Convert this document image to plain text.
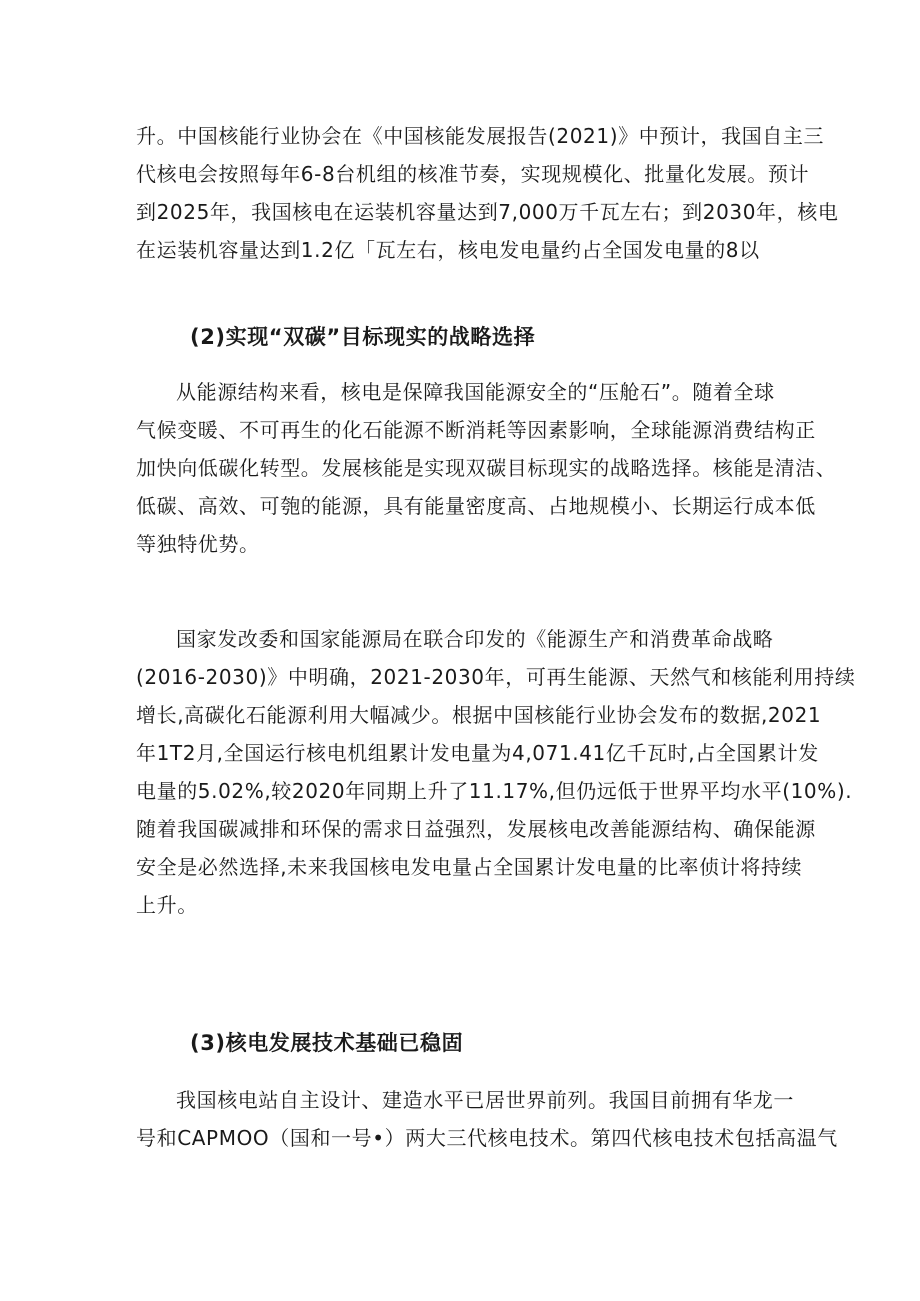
升。中国核能行业协会在《中国核能发展报告(2021)》中预计，我国自主三
代核电会按照每年6-8台机组的核准节奏，实现规模化、批量化发展。预计
到2025年，我国核电在运装机容量达到7,000万千瓦左右；到2030年，核电
在运装机容量达到1.2亿「瓦左右，核电发电量约占全国发电量的8以

(2)实现“双碳”目标现实的战略选择

从能源结构来看，核电是保障我国能源安全的“压舱石”。随着全球
气候变暖、不可再生的化石能源不断消耗等因素影响，全球能源消费结构正
加快向低碳化转型。发展核能是实现双碳目标现实的战略选择。核能是清洁、
低碳、高效、可匏的能源，具有能量密度高、占地规模小、长期运行成本低
等独特优势。

国家发改委和国家能源局在联合印发的《能源生产和消费革命战略
(2016-2030)》中明确，2021-2030年，可再生能源、天然气和核能利用持续
增长,高碳化石能源利用大幅减少。根据中国核能行业协会发布的数据,2021
年1T2月,全国运行核电机组累计发电量为4,071.41亿千瓦时,占全国累计发
电量的5.02%,较2020年同期上升了11.17%,但仍远低于世界平均水平(10%).
随着我国碳减排和环保的需求日益强烈，发展核电改善能源结构、确保能源
安全是必然选择,未来我国核电发电量占全国累计发电量的比率侦计将持续
上升。

(3)核电发展技术基础已稳固

我国核电站自主设计、建造水平已居世界前列。我国目前拥有华龙一
号和CAPMOO（国和一号•）两大三代核电技术。第四代核电技术包括高温气
